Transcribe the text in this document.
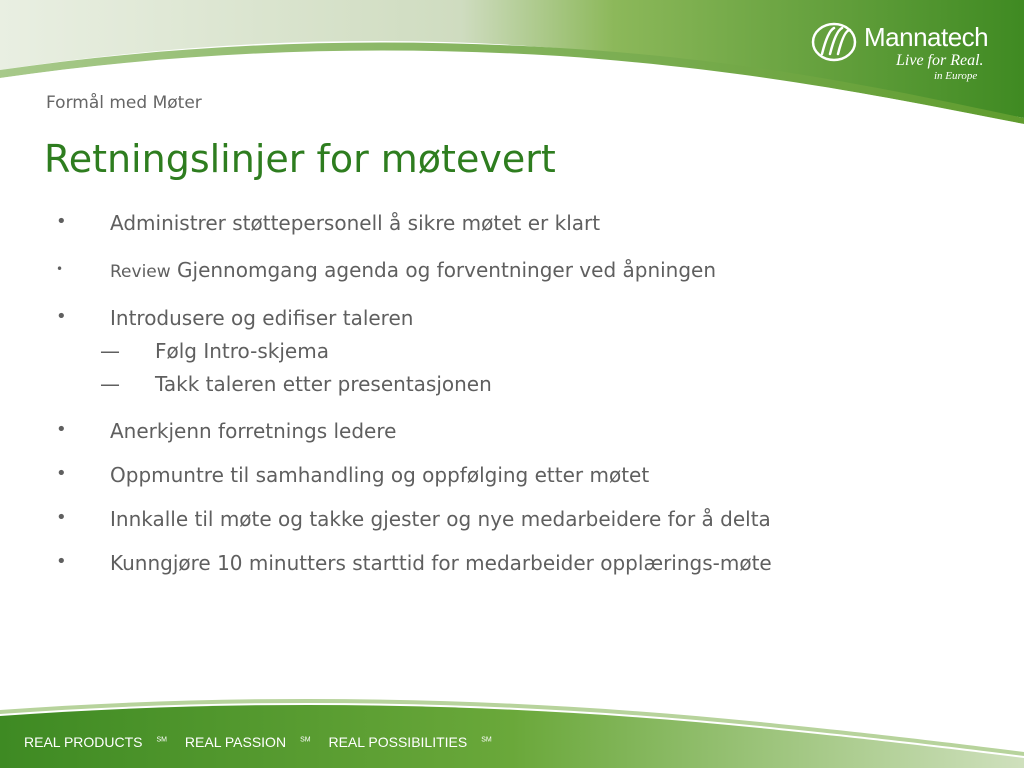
Mannatech
Live for Real.
in Europe
Formål med Møter
Retningslinjer for møtevert
• Administrer støttepersonell å sikre møtet er klart
•	Review Gjennomgang agenda og forventninger ved åpningen
• Introdusere og edifiser taleren
— Følg Intro-skjema
— Takk taleren etter presentasjonen
• Anerkjenn forretnings ledere
• Oppmuntre til samhandling og oppfølging etter møtet
• Innkalle til møte og takke gjester og nye medarbeidere for å delta
• Kunngjøre 10 minutters starttid for medarbeider opplærings-møte
REAL PRODUCTS ℠ REAL PASSION ℠ REAL POSSIBILITIES ℠
